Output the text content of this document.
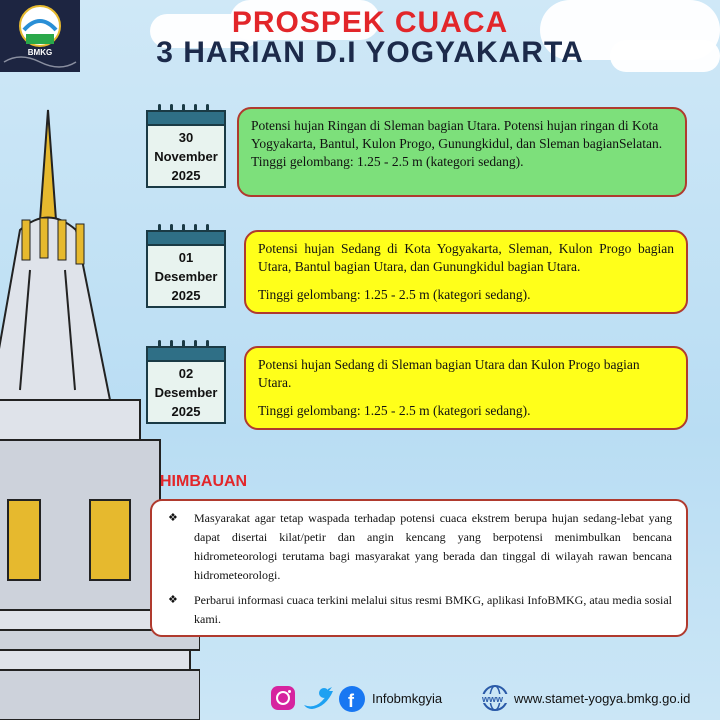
BMKG
PROSPEK CUACA
3 HARIAN D.I YOGYAKARTA
30
November
2025

Potensi hujan Ringan di Sleman bagian Utara. Potensi hujan ringan di Kota Yogyakarta, Bantul, Kulon Progo, Gunungkidul, dan Sleman bagianSelatan.

Tinggi gelombang: 1.25 - 2.5 m (kategori sedang).

01
Desember
2025

Potensi hujan Sedang di Kota Yogyakarta, Sleman, Kulon Progo bagian Utara, Bantul bagian Utara, dan Gunungkidul bagian Utara.

Tinggi gelombang: 1.25 - 2.5 m (kategori sedang).

02
Desember
2025

Potensi hujan Sedang di Sleman bagian Utara dan Kulon Progo bagian Utara.

Tinggi gelombang: 1.25 - 2.5 m (kategori sedang).

HIMBAUAN
❖ Masyarakat agar tetap waspada terhadap potensi cuaca ekstrem berupa hujan sedang-lebat yang dapat disertai kilat/petir dan angin kencang yang berpotensi menimbulkan bencana hidrometeorologi terutama bagi masyarakat yang berada dan tinggal di wilayah rawan bencana hidrometeorologi.
❖ Perbarui informasi cuaca terkini melalui situs resmi BMKG, aplikasi InfoBMKG, atau media sosial kami.
f Infobmkgyia	www www.stamet-yogya.bmkg.go.id
